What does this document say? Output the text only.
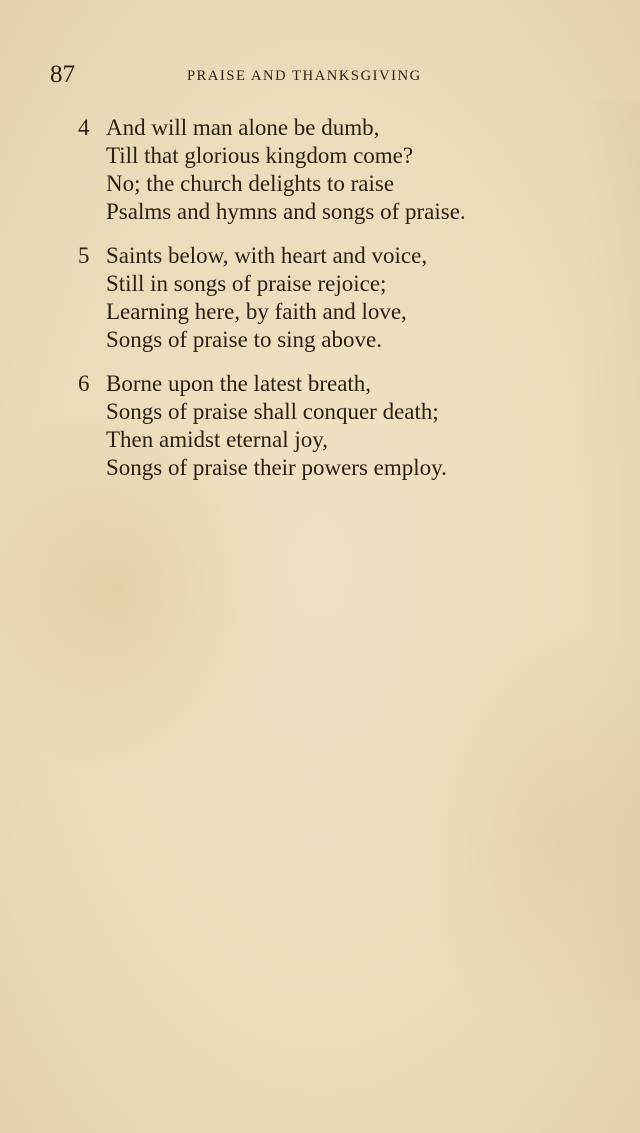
87	PRAISE AND THANKSGIVING
4 And will man alone be dumb,
Till that glorious kingdom come?
No; the church delights to raise
Psalms and hymns and songs of praise.
5 Saints below, with heart and voice,
Still in songs of praise rejoice;
Learning here, by faith and love,
Songs of praise to sing above.
6 Borne upon the latest breath,
Songs of praise shall conquer death;
Then amidst eternal joy,
Songs of praise their powers employ.
